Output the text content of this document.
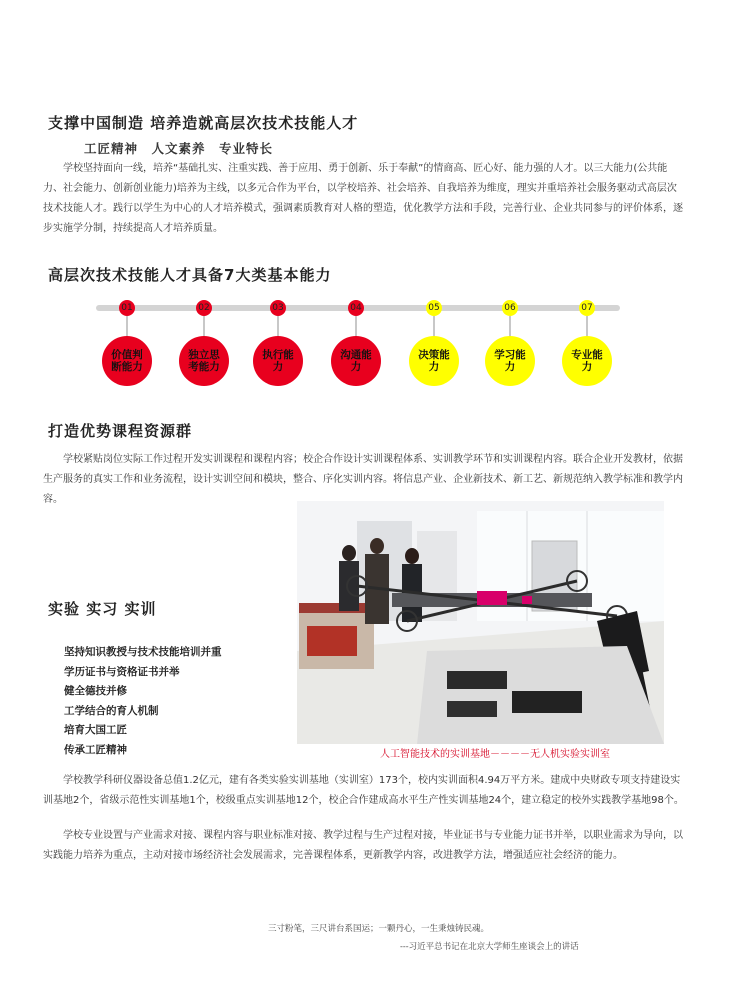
支撑中国制造 培养造就高层次技术技能人才
工匠精神　人文素养　专业特长
学校坚持面向一线，培养“基础扎实、注重实践、善于应用、勇于创新、乐于奉献”的情商高、匠心好、能力强的人才。以三大能力(公共能力、社会能力、创新创业能力)培养为主线，以多元合作为平台，以学校培养、社会培养、自我培养为维度，理实并重培养社会服务驱动式高层次技术技能人才。践行以学生为中心的人才培养模式，强调素质教育对人格的塑造，优化教学方法和手段，完善行业、企业共同参与的评价体系，逐步实施学分制，持续提高人才培养质量。
高层次技术技能人才具备7大类基本能力
01
价值判断能力
02
独立思考能力
03
执行能力
04
沟通能力
05
决策能力
06
学习能力
07
专业能力
打造优势课程资源群
学校紧贴岗位实际工作过程开发实训课程和课程内容；校企合作设计实训课程体系、实训教学环节和实训课程内容。联合企业开发教材，依据生产服务的真实工作和业务流程，设计实训空间和模块，整合、序化实训内容。将信息产业、企业新技术、新工艺、新规范纳入教学标准和教学内容。
实验 实习 实训
坚持知识教授与技术技能培训并重
学历证书与资格证书并举
健全德技并修
工学结合的育人机制
培育大国工匠
传承工匠精神	人工智能技术的实训基地－－－－无人机实验实训室
学校教学科研仪器设备总值1.2亿元，建有各类实验实训基地（实训室）173个，校内实训面积4.94万平方米。建成中央财政专项支持建设实训基地2个，省级示范性实训基地1个，校级重点实训基地12个，校企合作建成高水平生产性实训基地24个，建立稳定的校外实践教学基地98个。
学校专业设置与产业需求对接、课程内容与职业标准对接、教学过程与生产过程对接，毕业证书与专业能力证书并举，以职业需求为导向，以实践能力培养为重点，主动对接市场经济社会发展需求，完善课程体系，更新教学内容，改进教学方法，增强适应社会经济的能力。
三寸粉笔，三尺讲台系国运；一颗丹心，一生秉烛铸民魂。
---习近平总书记在北京大学师生座谈会上的讲话
